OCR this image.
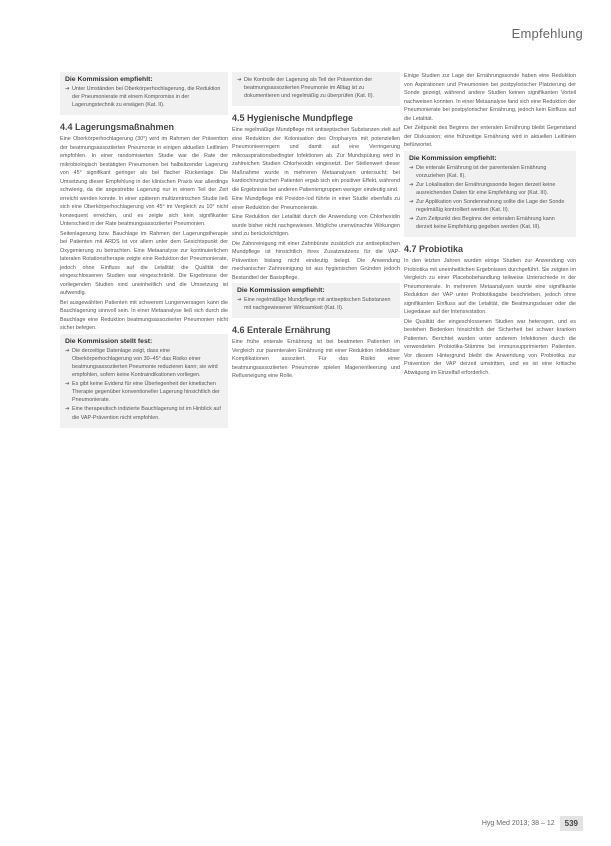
Empfehlung
Die Kommission empfiehlt:
➔ Unter Umständen bei Oberkörperhochlagerung, die Reduktion der Pneumonierate mit einem Kompromiss in der Lagerungstechnik zu erwägen (Kat. II).
4.4 Lagerungsmaßnahmen
Eine Oberkörperhochlagerung (30°) wird im Rahmen der Prävention der beatmungsassoziierten Pneumonie in einigen aktuellen Leitlinien empfohlen. In einer randomisierten Studie war die Rate der mikrobiologisch bestätigten Pneumonien bei halbsitzender Lagerung von 45° signifikant geringer als bei flacher Rückenlage. Die Umsetzung dieser Empfehlung in der klinischen Praxis war allerdings schwierig, da die angestrebte Lagerung nur in einem Teil der Zeit erreicht werden konnte. In einer späteren multizentrischen Studie ließ sich eine Oberkörperhochlagerung von 45° im Vergleich zu 10° nicht konsequent erreichen, und es zeigte sich kein signifikanter Unterschied in der Rate beatmungsassoziierter Pneumonien.
Seitenlagerung bzw. Bauchlage im Rahmen der Lagerungstherapie bei Patienten mit ARDS ist vor allem unter dem Gesichtspunkt der Oxygenierung zu betrachten. Eine Metaanalyse zur kontinuierlichen lateralen Rotationstherapie zeigte eine Reduktion der Pneumonierate, jedoch ohne Einfluss auf die Letalität; die Qualität der eingeschlossenen Studien war eingeschränkt. Die Ergebnisse der vorliegenden Studien sind uneinheitlich und die Umsetzung ist aufwendig.
Bei ausgewählten Patienten mit schwerem Lungenversagen kann die Bauchlagerung sinnvoll sein. In einer Metaanalyse ließ sich durch die Bauchlage eine Reduktion beatmungsassoziierter Pneumonien nicht sicher belegen.
Die Kommission stellt fest:
➔ Die derzeitige Datenlage zeigt, dass eine Oberkörperhochlagerung von 30–45° das Risiko einer beatmungsassoziierten Pneumonie reduzieren kann; sie wird empfohlen, sofern keine Kontraindikationen vorliegen.
➔ Es gibt keine Evidenz für eine Überlegenheit der kinetischen Therapie gegenüber konventioneller Lagerung hinsichtlich der Pneumonierate.
➔ Eine therapeutisch indizierte Bauchlagerung ist im Hinblick auf die VAP-Prävention nicht empfohlen.
➔ Die Kontrolle der Lagerung als Teil der Prävention der beatmungsassoziierten Pneumonie im Alltag ist zu dokumentieren und regelmäßig zu überprüfen (Kat. II).
4.5 Hygienische Mundpflege
Eine regelmäßige Mundpflege mit antiseptischen Substanzen zielt auf eine Reduktion der Kolonisation des Oropharynx mit potenziellen Pneumonieerregern und damit auf eine Verringerung mikroaspirationsbedingter Infektionen ab. Zur Mundspülung wird in zahlreichen Studien Chlorhexidin eingesetzt. Der Stellenwert dieser Maßnahme wurde in mehreren Metaanalysen untersucht; bei kardiochirurgischen Patienten ergab sich ein positiver Effekt, während die Ergebnisse bei anderen Patientengruppen weniger eindeutig sind.
Eine Mundpflege mit Povidon-Iod führte in einer Studie ebenfalls zu einer Reduktion der Pneumonierate.
Eine Reduktion der Letalität durch die Anwendung von Chlorhexidin wurde bisher nicht nachgewiesen. Mögliche unerwünschte Wirkungen sind zu berücksichtigen.
Die Zahnreinigung mit einer Zahnbürste zusätzlich zur antiseptischen Mundpflege ist hinsichtlich ihres Zusatznutzens für die VAP-Prävention bislang nicht eindeutig belegt. Die Anwendung mechanischer Zahnreinigung ist aus hygienischen Gründen jedoch Bestandteil der Basispflege.
Die Kommission empfiehlt:
➔ Eine regelmäßige Mundpflege mit antiseptischen Substanzen mit nachgewiesener Wirksamkeit (Kat. II).
4.6 Enterale Ernährung
Eine frühe enterale Ernährung ist bei beatmeten Patienten im Vergleich zur parenteralen Ernährung mit einer Reduktion infektiöser Komplikationen assoziiert. Für das Risiko einer beatmungsassoziierten Pneumonie spielen Magenentleerung und Refluxneigung eine Rolle.
Einige Studien zur Lage der Ernährungssonde haben eine Reduktion von Aspirationen und Pneumonien bei postpylorischer Platzierung der Sonde gezeigt, während andere Studien keinen signifikanten Vorteil nachweisen konnten. In einer Metaanalyse fand sich eine Reduktion der Pneumonierate bei postpylorischer Ernährung, jedoch kein Einfluss auf die Letalität.
Der Zeitpunkt des Beginns der enteralen Ernährung bleibt Gegenstand der Diskussion; eine frühzeitige Ernährung wird in aktuellen Leitlinien befürwortet.
Die Kommission empfiehlt:
➔ Die enterale Ernährung ist der parenteralen Ernährung vorzuziehen (Kat. II).
➔ Zur Lokalisation der Ernährungssonde liegen derzeit keine ausreichenden Daten für eine Empfehlung vor (Kat. III).
➔ Zur Applikation von Sondennahrung sollte die Lage der Sonde regelmäßig kontrolliert werden (Kat. II).
➔ Zum Zeitpunkt des Beginns der enteralen Ernährung kann derzeit keine Empfehlung gegeben werden (Kat. III).
4.7 Probiotika
In den letzten Jahren wurden einige Studien zur Anwendung von Probiotika mit uneinheitlichen Ergebnissen durchgeführt. Sie zeigten im Vergleich zu einer Placebobehandlung teilweise Unterschiede in der Pneumonierate. In mehreren Metaanalysen wurde eine signifikante Reduktion der VAP unter Probiotikagabe beschrieben, jedoch ohne signifikanten Einfluss auf die Letalität, die Beatmungsdauer oder die Liegedauer auf der Intensivstation.
Die Qualität der eingeschlossenen Studien war heterogen, und es bestehen Bedenken hinsichtlich der Sicherheit bei schwer kranken Patienten. Berichtet wurden unter anderem Infektionen durch die verwendeten Probiotika-Stämme bei immunsupprimierten Patienten. Vor diesem Hintergrund bleibt die Anwendung von Probiotika zur Prävention der VAP derzeit umstritten, und es ist eine kritische Abwägung im Einzelfall erforderlich.
Hyg Med 2013; 38 – 12	539
